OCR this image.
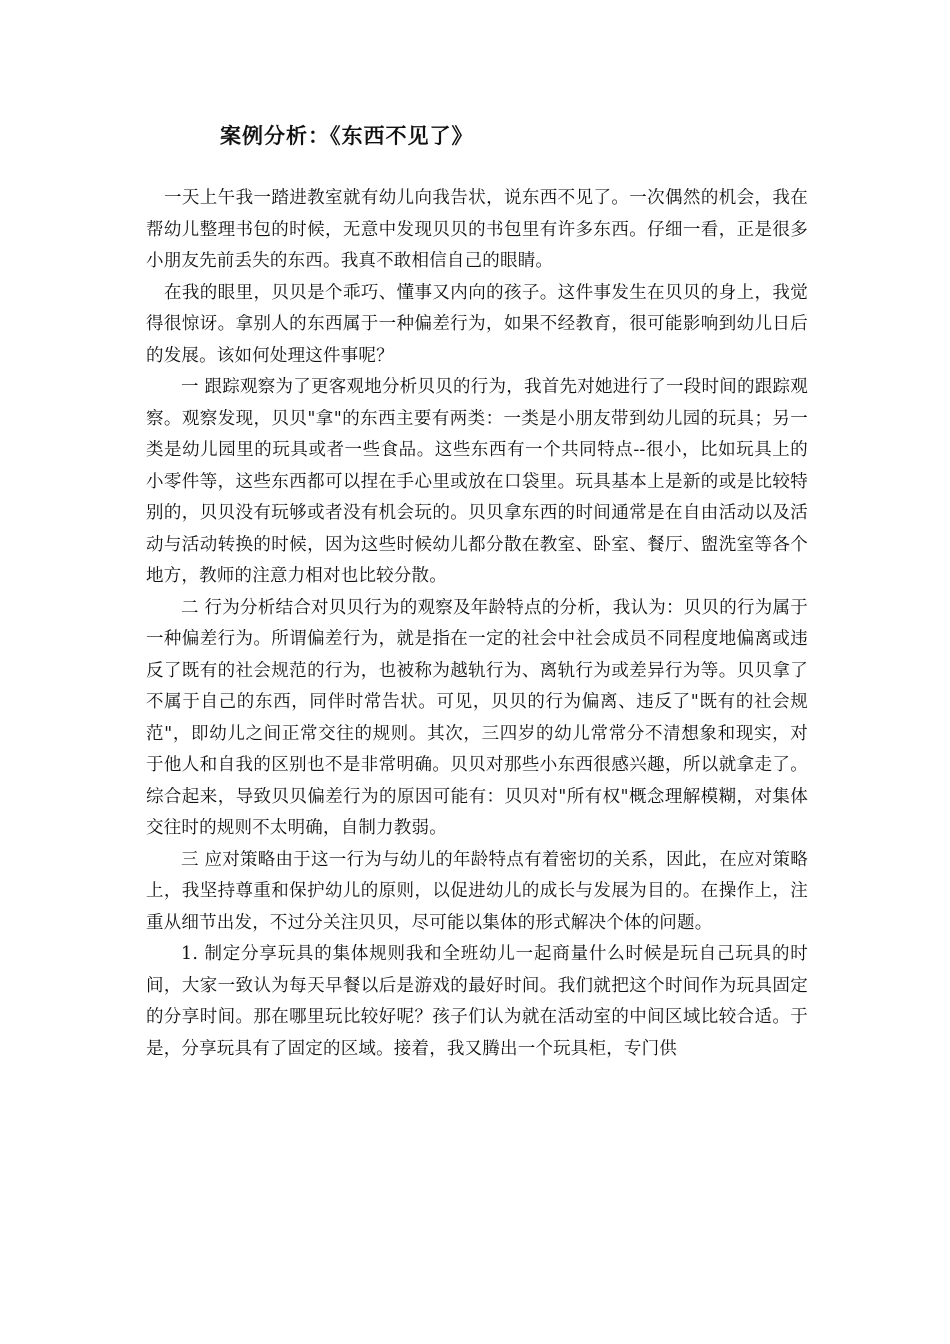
案例分析：《东西不见了》

一天上午我一踏进教室就有幼儿向我告状，说东西不见了。一次偶然的机会，我在帮幼儿整理书包的时候，无意中发现贝贝的书包里有许多东西。仔细一看，正是很多小朋友先前丢失的东西。我真不敢相信自己的眼睛。

在我的眼里，贝贝是个乖巧、懂事又内向的孩子。这件事发生在贝贝的身上，我觉得很惊讶。拿别人的东西属于一种偏差行为，如果不经教育，很可能影响到幼儿日后的发展。该如何处理这件事呢？

一 跟踪观察为了更客观地分析贝贝的行为，我首先对她进行了一段时间的跟踪观察。观察发现，贝贝"拿"的东西主要有两类：一类是小朋友带到幼儿园的玩具；另一类是幼儿园里的玩具或者一些食品。这些东西有一个共同特点--很小，比如玩具上的小零件等，这些东西都可以捏在手心里或放在口袋里。玩具基本上是新的或是比较特别的，贝贝没有玩够或者没有机会玩的。贝贝拿东西的时间通常是在自由活动以及活动与活动转换的时候，因为这些时候幼儿都分散在教室、卧室、餐厅、盥洗室等各个地方，教师的注意力相对也比较分散。

二 行为分析结合对贝贝行为的观察及年龄特点的分析，我认为：贝贝的行为属于一种偏差行为。所谓偏差行为，就是指在一定的社会中社会成员不同程度地偏离或违反了既有的社会规范的行为，也被称为越轨行为、离轨行为或差异行为等。贝贝拿了不属于自己的东西，同伴时常告状。可见，贝贝的行为偏离、违反了"既有的社会规范"，即幼儿之间正常交往的规则。其次，三四岁的幼儿常常分不清想象和现实，对于他人和自我的区别也不是非常明确。贝贝对那些小东西很感兴趣，所以就拿走了。综合起来，导致贝贝偏差行为的原因可能有：贝贝对"所有权"概念理解模糊，对集体交往时的规则不太明确，自制力教弱。

三 应对策略由于这一行为与幼儿的年龄特点有着密切的关系，因此，在应对策略上，我坚持尊重和保护幼儿的原则，以促进幼儿的成长与发展为目的。在操作上，注重从细节出发，不过分关注贝贝，尽可能以集体的形式解决个体的问题。

1. 制定分享玩具的集体规则我和全班幼儿一起商量什么时候是玩自己玩具的时间，大家一致认为每天早餐以后是游戏的最好时间。我们就把这个时间作为玩具固定的分享时间。那在哪里玩比较好呢？孩子们认为就在活动室的中间区域比较合适。于是，分享玩具有了固定的区域。接着，我又腾出一个玩具柜，专门供
